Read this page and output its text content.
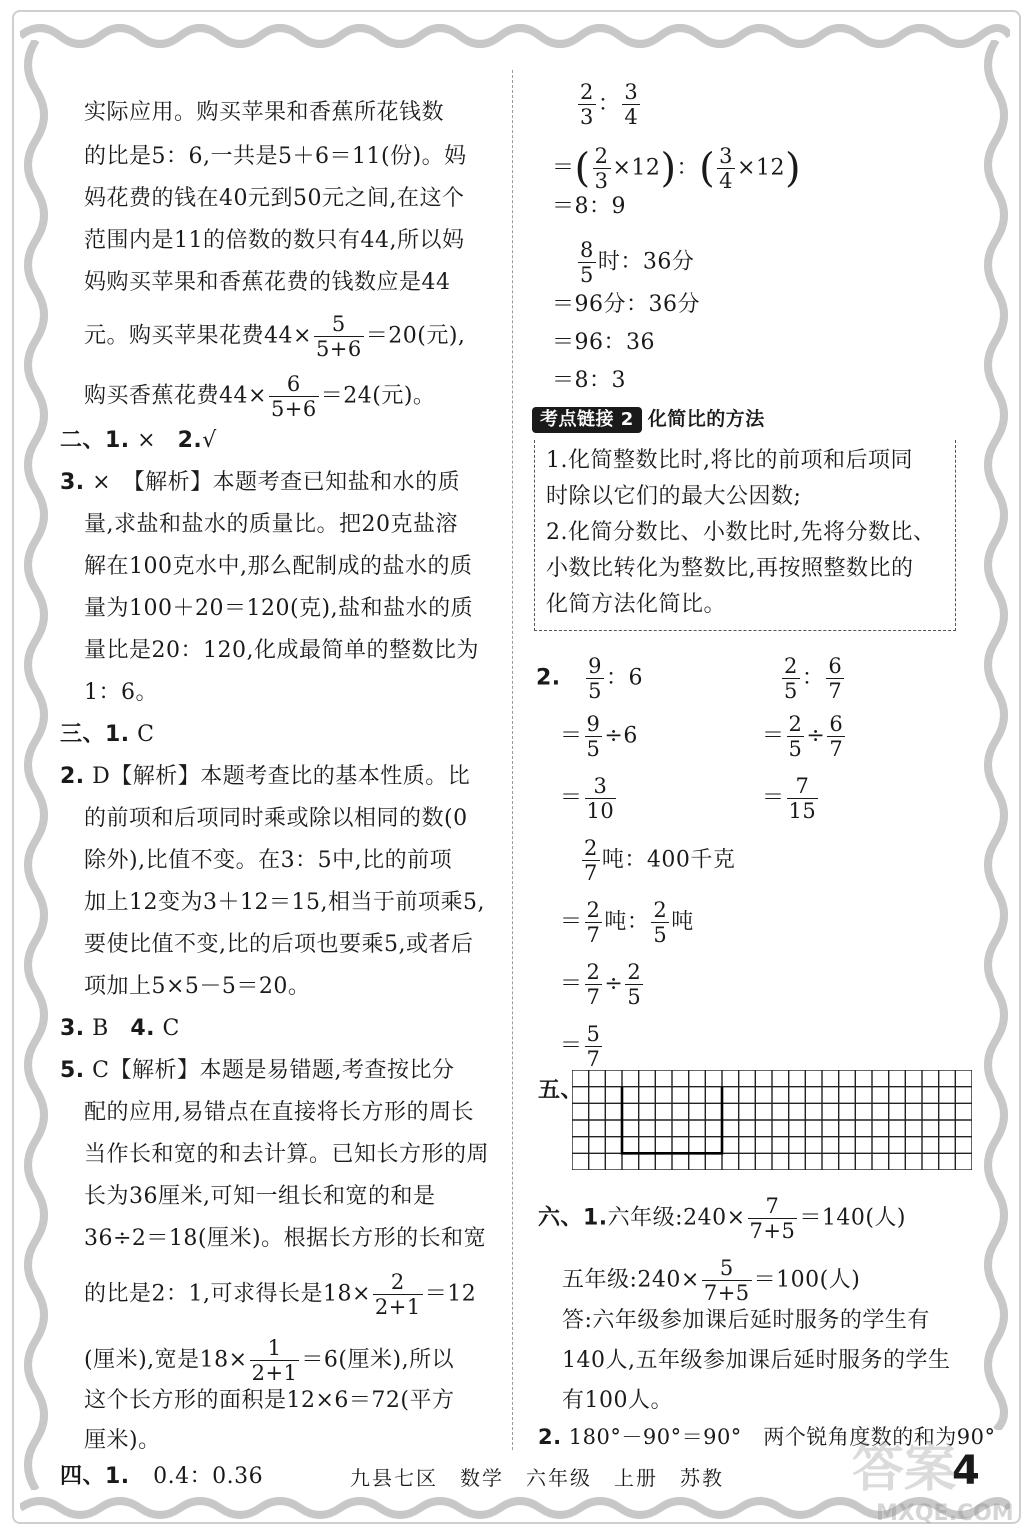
实际应用。购买苹果和香蕉所花钱数
的比是5：6,一共是5＋6＝11(份)。妈
妈花费的钱在40元到50元之间,在这个
范围内是11的倍数的数只有44,所以妈
妈购买苹果和香蕉花费的钱数应是44
元。购买苹果花费$44\times \frac{5}{5+6} =20$(元),
购买香蕉花费$44\times \frac{6}{5+6} =24$(元)。
二、1. × 2.√
3. ×　【解析】本题考查已知盐和水的质
量,求盐和盐水的质量比。把20克盐溶
解在100克水中,那么配制成的盐水的质
量为100＋20＝120(克),盐和盐水的质
量比是20：120,化成最简单的整数比为
1：6。
三、1. C
2. D【解析】本题考查比的基本性质。比
的前项和后项同时乘或除以相同的数(0
除外),比值不变。在3：5中,比的前项
加上12变为3＋12＝15,相当于前项乘5,
要使比值不变,比的后项也要乘5,或者后
项加上5×5－5＝20。
3. B 4. C
5. C【解析】本题是易错题,考查按比分
配的应用,易错点在直接将长方形的周长
当作长和宽的和去计算。已知长方形的周
长为36厘米,可知一组长和宽的和是
36÷2＝18(厘米)。根据长方形的长和宽
的比是2：1,可求得长是$18\times \frac{2}{2+1} =12$
(厘米),宽是$18\times \frac{1}{2+1} =6$(厘米),所以
这个长方形的面积是12×6＝72(平方
厘米)。
四、1. 0.4：0.36
$\frac{2}{3}$ ： $\frac{3}{4}$
＝( $\frac{2}{3} \times 12$)：( $\frac{3}{4} \times 12$)
＝8：9
$\frac{8}{5}$ 时：36分
＝96分：36分
＝96：36
＝8：3
考点链接 2 化简比的方法
1.化简整数比时,将比的前项和后项同
时除以它们的最大公因数;
2.化简分数比、小数比时,先将分数比、
小数比转化为整数比,再按照整数比的
化简方法化简比。
2. $\frac{9}{5}$ ：6
＝ $\frac{9}{5} \div 6$
＝ $\frac{3}{10}$
$\frac{2}{5}$ ： $\frac{6}{7}$
＝ $\frac{2}{5} \div \frac{6}{7}$
＝ $\frac{7}{15}$
$\frac{2}{7}$ 吨：400千克
＝ $\frac{2}{7}$ 吨： $\frac{2}{5}$ 吨
＝ $\frac{2}{7} \div \frac{2}{5}$
＝ $\frac{5}{7}$
五、
六、1.六年级:240× $\frac{7}{7+5} =140$(人)
五年级:240× $\frac{5}{7+5} =100$(人)
答:六年级参加课后延时服务的学生有
140人,五年级参加课后延时服务的学生
有100人。
2. 180°－90°＝90°　两个锐角度数的和为90°
九县七区　数学　六年级　上册　苏教	4
答案
MXQE.COM
